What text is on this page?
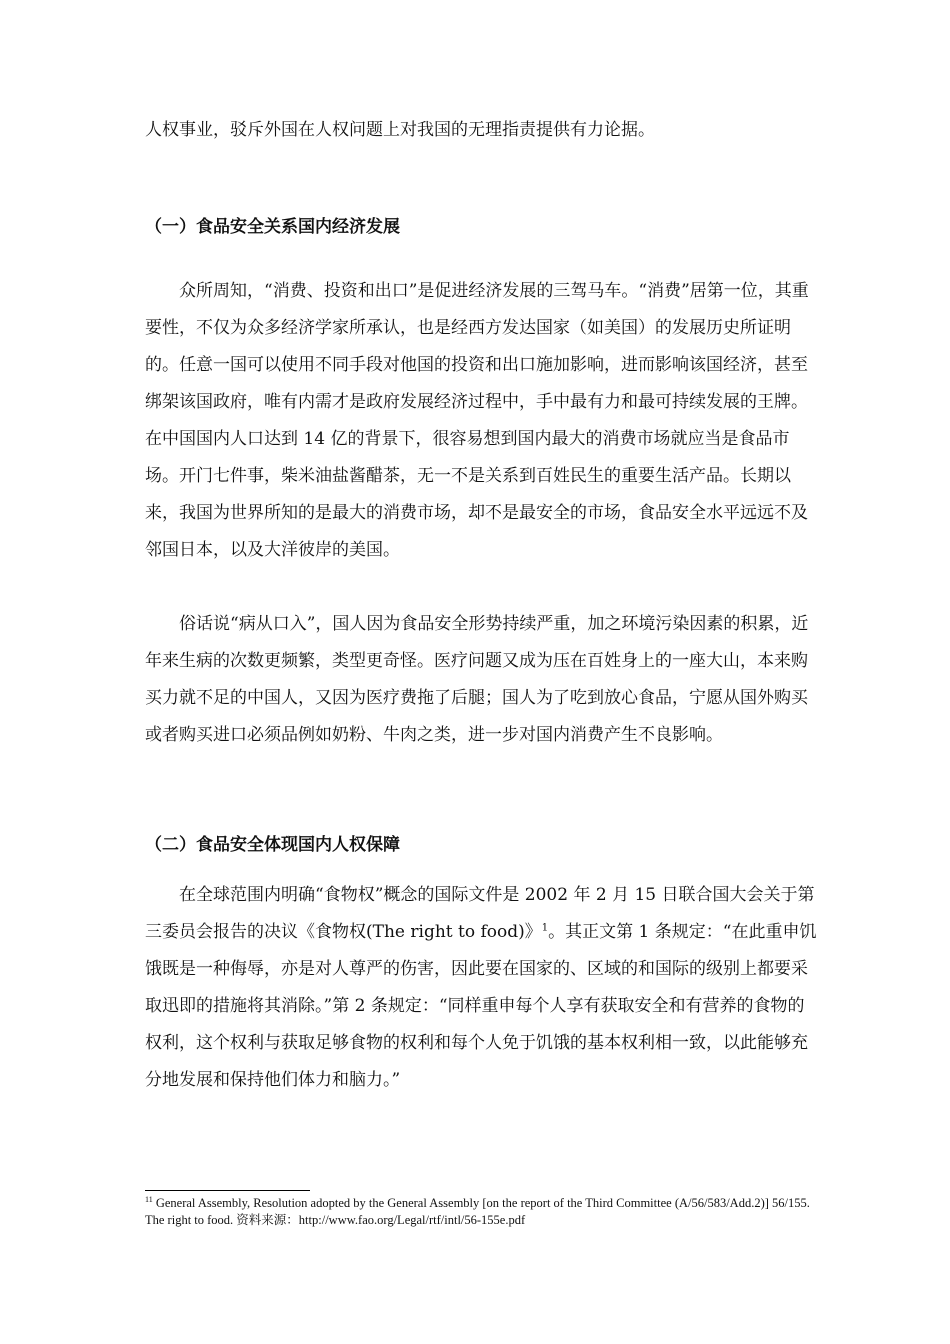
人权事业，驳斥外国在人权问题上对我国的无理指责提供有力论据。

（一）食品安全关系国内经济发展

众所周知，“消费、投资和出口”是促进经济发展的三驾马车。“消费”居第一位，其重要性，不仅为众多经济学家所承认，也是经西方发达国家（如美国）的发展历史所证明的。任意一国可以使用不同手段对他国的投资和出口施加影响，进而影响该国经济，甚至绑架该国政府，唯有内需才是政府发展经济过程中，手中最有力和最可持续发展的王牌。在中国国内人口达到 14 亿的背景下，很容易想到国内最大的消费市场就应当是食品市场。开门七件事，柴米油盐酱醋茶，无一不是关系到百姓民生的重要生活产品。长期以来，我国为世界所知的是最大的消费市场，却不是最安全的市场，食品安全水平远远不及邻国日本，以及大洋彼岸的美国。

俗话说“病从口入”，国人因为食品安全形势持续严重，加之环境污染因素的积累，近年来生病的次数更频繁，类型更奇怪。医疗问题又成为压在百姓身上的一座大山，本来购买力就不足的中国人，又因为医疗费拖了后腿；国人为了吃到放心食品，宁愿从国外购买或者购买进口必须品例如奶粉、牛肉之类，进一步对国内消费产生不良影响。

（二）食品安全体现国内人权保障

在全球范围内明确“食物权”概念的国际文件是 2002 年 2 月 15 日联合国大会关于第三委员会报告的决议《食物权(The right to food)》$^1$。其正文第 1 条规定：“在此重申饥饿既是一种侮辱，亦是对人尊严的伤害，因此要在国家的、区域的和国际的级别上都要采取迅即的措施将其消除。”第 2 条规定：“同样重申每个人享有获取安全和有营养的食物的权利，这个权利与获取足够食物的权利和每个人免于饥饿的基本权利相一致，以此能够充分地发展和保持他们体力和脑力。”

$^{11}$ General Assembly, Resolution adopted by the General Assembly [on the report of the Third Committee (A/56/583/Add.2)] 56/155. The right to food. 资料来源：http://www.fao.org/Legal/rtf/intl/56-155e.pdf
